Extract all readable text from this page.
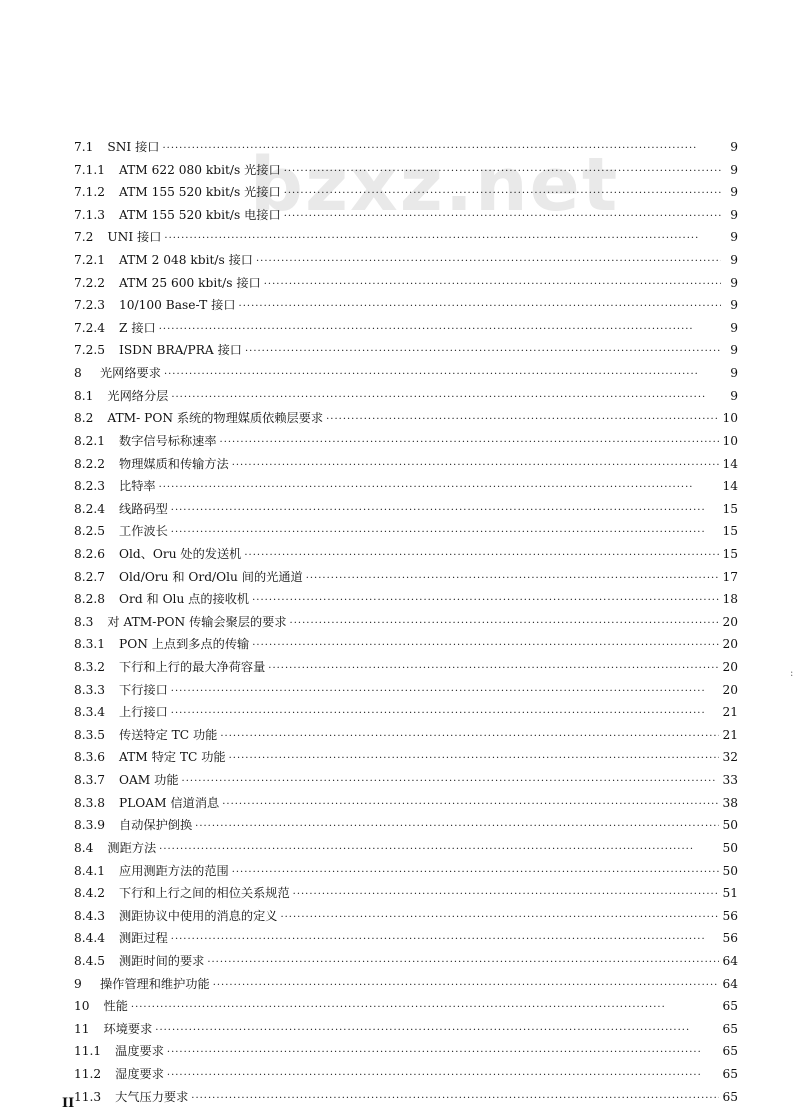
bzxz.net
7.1 SNI 接口 ·····	9
7.1.1 ATM 622 080 kbit/s 光接口 ·····	9
7.1.2 ATM 155 520 kbit/s 光接口 ·····	9
7.1.3 ATM 155 520 kbit/s 电接口 ·····	9
7.2 UNI 接口 ·····	9
7.2.1 ATM 2 048 kbit/s 接口 ·····	9
7.2.2 ATM 25 600 kbit/s 接口 ·····	9
7.2.3 10/100 Base-T 接口 ·····	9
7.2.4 Z 接口 ·····	9
7.2.5 ISDN BRA/PRA 接口 ·····	9
8	光网络要求 ·····	9
8.1 光网络分层 ·····	9
8.2 ATM- PON 系统的物理媒质依赖层要求 ·····	10
8.2.1 数字信号标称速率 ·····	10
8.2.2 物理媒质和传输方法 ·····	14
8.2.3 比特率 ·····	14
8.2.4 线路码型 ·····	15
8.2.5 工作波长 ·····	15
8.2.6 Old、Oru 处的发送机 ·····	15
8.2.7 Old/Oru 和 Ord/Olu 间的光通道 ·····	17
8.2.8 Ord 和 Olu 点的接收机 ·····	18
8.3 对 ATM-PON 传输会聚层的要求 ·····	20
8.3.1 PON 上点到多点的传输 ·····	20
8.3.2 下行和上行的最大净荷容量 ·····	20
8.3.3 下行接口 ·····	20
8.3.4 上行接口 ·····	21
8.3.5 传送特定 TC 功能 ·····	21
8.3.6 ATM 特定 TC 功能 ·····	32
8.3.7 OAM 功能 ·····	33
8.3.8 PLOAM 信道消息 ·····	38
8.3.9 自动保护倒换 ·····	50
8.4 测距方法 ·····	50
8.4.1 应用测距方法的范围 ·····	50
8.4.2 下行和上行之间的相位关系规范 ·····	51
8.4.3 测距协议中使用的消息的定义 ·····	56
8.4.4 测距过程 ·····	56
8.4.5 测距时间的要求 ·····	64
9	操作管理和维护功能 ·····	64
10 性能 ·····	65
11 环境要求 ·····	65
11.1 温度要求 ·····	65
11.2 湿度要求 ·····	65
11.3 大气压力要求 ·····	65
II
:
